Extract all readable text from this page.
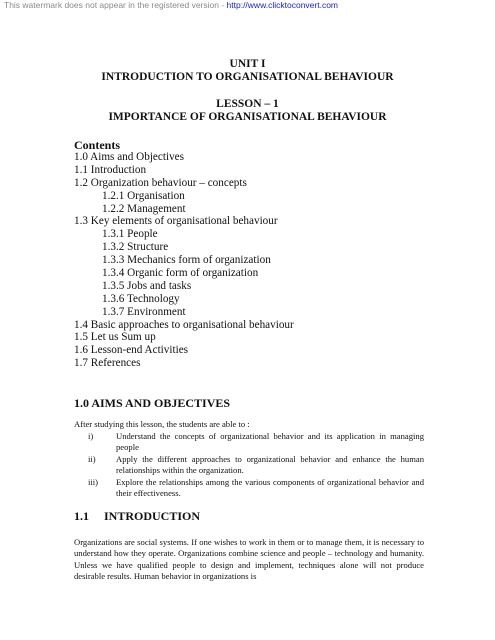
This watermark does not appear in the registered version - http://www.clicktoconvert.com
UNIT I
INTRODUCTION TO ORGANISATIONAL BEHAVIOUR
LESSON – 1
IMPORTANCE OF ORGANISATIONAL BEHAVIOUR
Contents
1.0 Aims and Objectives
1.1 Introduction
1.2 Organization behaviour – concepts
1.2.1 Organisation
1.2.2 Management
1.3 Key elements of organisational behaviour
1.3.1 People
1.3.2 Structure
1.3.3 Mechanics form of organization
1.3.4 Organic form of organization
1.3.5 Jobs and tasks
1.3.6 Technology
1.3.7 Environment
1.4 Basic approaches to organisational behaviour
1.5 Let us Sum up
1.6 Lesson-end Activities
1.7 References
1.0 AIMS AND OBJECTIVES
After studying this lesson, the students are able to :
i)	Understand the concepts of organizational behavior and its application in managing people
ii) Apply the different approaches to organizational behavior and enhance the human relationships within the organization.
iii) Explore the relationships among the various components of organizational behavior and their effectiveness.
1.1     INTRODUCTION
Organizations are social systems. If one wishes to work in them or to manage them, it is necessary to understand how they operate. Organizations combine science and people – technology and humanity. Unless we have qualified people to design and implement, techniques alone will not produce desirable results. Human behavior in organizations is
